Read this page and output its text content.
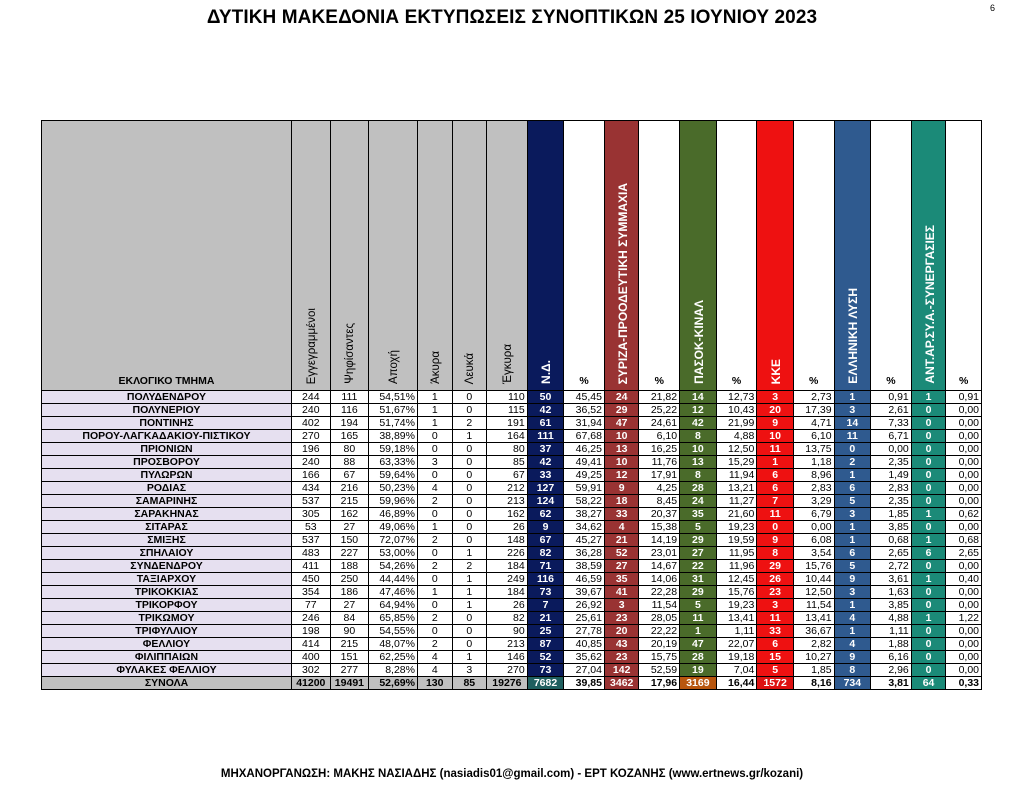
6
ΔΥΤΙΚΗ ΜΑΚΕΔΟΝΙΑ ΕΚΤΥΠΩΣΕΙΣ ΣΥΝΟΠΤΙΚΩΝ 25 ΙΟΥΝΙΟΥ 2023
ΕΚΛΟΓΙΚΟ ΤΜΗΜΑ	Εγγεγραμμένοι	Ψηφίσαντες	Αποχή	Άκυρα	Λευκά	Έγκυρα	Ν.Δ.	%	ΣΥΡΙΖΑ-ΠΡΟΟΔΕΥΤΙΚΗ ΣΥΜΜΑΧΙΑ	%	ΠΑΣΟΚ-ΚΙΝΑΛ	%	ΚΚΕ	%	ΕΛΛΗΝΙΚΗ ΛΥΣΗ	%	ΑΝΤ.ΑΡ.ΣΥ.Α.-ΣΥΝΕΡΓΑΣΙΕΣ	%
ΠΟΛΥΔΕΝΔΡΟΥ	244	111	54,51%	1	0	110	50	45,45	24	21,82	14	12,73	3	2,73	1	0,91	1	0,91
ΠΟΛΥΝΕΡΙΟΥ	240	116	51,67%	1	0	115	42	36,52	29	25,22	12	10,43	20	17,39	3	2,61	0	0,00
ΠΟΝΤΙΝΗΣ	402	194	51,74%	1	2	191	61	31,94	47	24,61	42	21,99	9	4,71	14	7,33	0	0,00
ΠΟΡΟΥ-ΛΑΓΚΑΔΑΚΙΟΥ-ΠΙΣΤΙΚΟΥ	270	165	38,89%	0	1	164	111	67,68	10	6,10	8	4,88	10	6,10	11	6,71	0	0,00
ΠΡΙΟΝΙΩΝ	196	80	59,18%	0	0	80	37	46,25	13	16,25	10	12,50	11	13,75	0	0,00	0	0,00
ΠΡΟΣΒΟΡΟΥ	240	88	63,33%	3	0	85	42	49,41	10	11,76	13	15,29	1	1,18	2	2,35	0	0,00
ΠΥΛΩΡΩΝ	166	67	59,64%	0	0	67	33	49,25	12	17,91	8	11,94	6	8,96	1	1,49	0	0,00
ΡΟΔΙΑΣ	434	216	50,23%	4	0	212	127	59,91	9	4,25	28	13,21	6	2,83	6	2,83	0	0,00
ΣΑΜΑΡΙΝΗΣ	537	215	59,96%	2	0	213	124	58,22	18	8,45	24	11,27	7	3,29	5	2,35	0	0,00
ΣΑΡΑΚΗΝΑΣ	305	162	46,89%	0	0	162	62	38,27	33	20,37	35	21,60	11	6,79	3	1,85	1	0,62
ΣΙΤΑΡΑΣ	53	27	49,06%	1	0	26	9	34,62	4	15,38	5	19,23	0	0,00	1	3,85	0	0,00
ΣΜΙΞΗΣ	537	150	72,07%	2	0	148	67	45,27	21	14,19	29	19,59	9	6,08	1	0,68	1	0,68
ΣΠΗΛΑΙΟΥ	483	227	53,00%	0	1	226	82	36,28	52	23,01	27	11,95	8	3,54	6	2,65	6	2,65
ΣΥΝΔΕΝΔΡΟΥ	411	188	54,26%	2	2	184	71	38,59	27	14,67	22	11,96	29	15,76	5	2,72	0	0,00
ΤΑΞΙΑΡΧΟΥ	450	250	44,44%	0	1	249	116	46,59	35	14,06	31	12,45	26	10,44	9	3,61	1	0,40
ΤΡΙΚΟΚΚΙΑΣ	354	186	47,46%	1	1	184	73	39,67	41	22,28	29	15,76	23	12,50	3	1,63	0	0,00
ΤΡΙΚΟΡΦΟΥ	77	27	64,94%	0	1	26	7	26,92	3	11,54	5	19,23	3	11,54	1	3,85	0	0,00
ΤΡΙΚΩΜΟΥ	246	84	65,85%	2	0	82	21	25,61	23	28,05	11	13,41	11	13,41	4	4,88	1	1,22
ΤΡΙΦΥΛΛΙΟΥ	198	90	54,55%	0	0	90	25	27,78	20	22,22	1	1,11	33	36,67	1	1,11	0	0,00
ΦΕΛΛΙΟΥ	414	215	48,07%	2	0	213	87	40,85	43	20,19	47	22,07	6	2,82	4	1,88	0	0,00
ΦΙΛΙΠΠΑΙΩΝ	400	151	62,25%	4	1	146	52	35,62	23	15,75	28	19,18	15	10,27	9	6,16	0	0,00
ΦΥΛΑΚΕΣ ΦΕΛΛΙΟΥ	302	277	8,28%	4	3	270	73	27,04	142	52,59	19	7,04	5	1,85	8	2,96	0	0,00
ΣΥΝΟΛΑ	41200	19491	52,69%	130	85	19276	7682	39,85	3462	17,96	3169	16,44	1572	8,16	734	3,81	64	0,33
ΜΗΧΑΝΟΡΓΑΝΩΣΗ: ΜΑΚΗΣ ΝΑΣΙΑΔΗΣ (nasiadis01@gmail.com) - ΕΡΤ ΚΟΖΑΝΗΣ (www.ertnews.gr/kozani)
